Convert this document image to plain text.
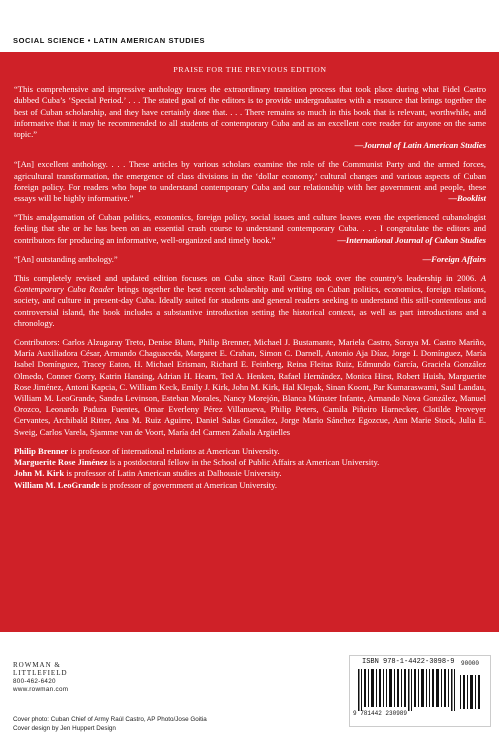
SOCIAL SCIENCE • LATIN AMERICAN STUDIES
PRAISE FOR THE PREVIOUS EDITION

“This comprehensive and impressive anthology traces the extraordinary transition process that took place during what Fidel Castro dubbed Cuba’s ‘Special Period.’ . . . The stated goal of the editors is to provide undergraduates with a resource that brings together the best of Cuban scholarship, and they have certainly done that. . . . There remains so much in this book that is relevant, worthwhile, and informative that it may be recommended to all students of contemporary Cuba and as an excellent core reader for anyone on the same topic.”

—Journal of Latin American Studies

“[An] excellent anthology. . . . These articles by various scholars examine the role of the Communist Party and the armed forces, agricultural transformation, the emergence of class divisions in the ‘dollar economy,’ cultural changes and various aspects of Cuban foreign policy. For readers who hope to understand contemporary Cuba and our relationship with her government and people, these essays will be highly informative.”	—Booklist

“This amalgamation of Cuban politics, economics, foreign policy, social issues and culture leaves even the experienced cubanologist feeling that she or he has been on an essential crash course to understand contemporary Cuba. . . . I congratulate the editors and contributors for producing an informative, well-organized and timely book.”	—International Journal of Cuban Studies

“[An] outstanding anthology.”	—Foreign Affairs

This completely revised and updated edition focuses on Cuba since Raúl Castro took over the country’s leadership in 2006. A Contemporary Cuba Reader brings together the best recent scholarship and writing on Cuban politics, economics, foreign relations, society, and culture in present-day Cuba. Ideally suited for students and general readers seeking to understand this still-contentious and controversial island, the book includes a substantive introduction setting the historical context, as well as part introductions and a chronology.

Contributors: Carlos Alzugaray Treto, Denise Blum, Philip Brenner, Michael J. Bustamante, Mariela Castro, Soraya M. Castro Mariño, María Auxiliadora César, Armando Chaguaceda, Margaret E. Crahan, Simon C. Darnell, Antonio Aja Díaz, Jorge I. Domínguez, María Isabel Domínguez, Tracey Eaton, H. Michael Erisman, Richard E. Feinberg, Reina Fleitas Ruiz, Edmundo García, Graciela González Olmedo, Conner Gorry, Katrin Hansing, Adrian H. Hearn, Ted A. Henken, Rafael Hernández, Monica Hirst, Robert Huish, Marguerite Rose Jiménez, Antoni Kapcia, C. William Keck, Emily J. Kirk, John M. Kirk, Hal Klepak, Sinan Koont, Par Kumaraswami, Saul Landau, William M. LeoGrande, Sandra Levinson, Esteban Morales, Nancy Morejón, Blanca Múnster Infante, Armando Nova González, Manuel Orozco, Leonardo Padura Fuentes, Omar Everleny Pérez Villanueva, Philip Peters, Camila Piñeiro Harnecker, Clotilde Proveyer Cervantes, Archibald Ritter, Ana M. Ruiz Aguirre, Daniel Salas González, Jorge Mario Sánchez Egozcue, Ann Marie Stock, Julia E. Sweig, Carlos Varela, Sjamme van de Voort, María del Carmen Zabala Argüelles

Philip Brenner is professor of international relations at American University.

Marguerite Rose Jiménez is a postdoctoral fellow in the School of Public Affairs at American University.

John M. Kirk is professor of Latin American studies at Dalhousie University.

William M. LeoGrande is professor of government at American University.

ROWMAN &
LITTLEFIELD
800-462-6420
www.rowman.com
Cover photo: Cuban Chief of Army Raúl Castro, AP Photo/Jose Goitia
Cover design by Jen Huppert Design
ISBN 978-1-4422-3098-9
9 781442 230989
90000
